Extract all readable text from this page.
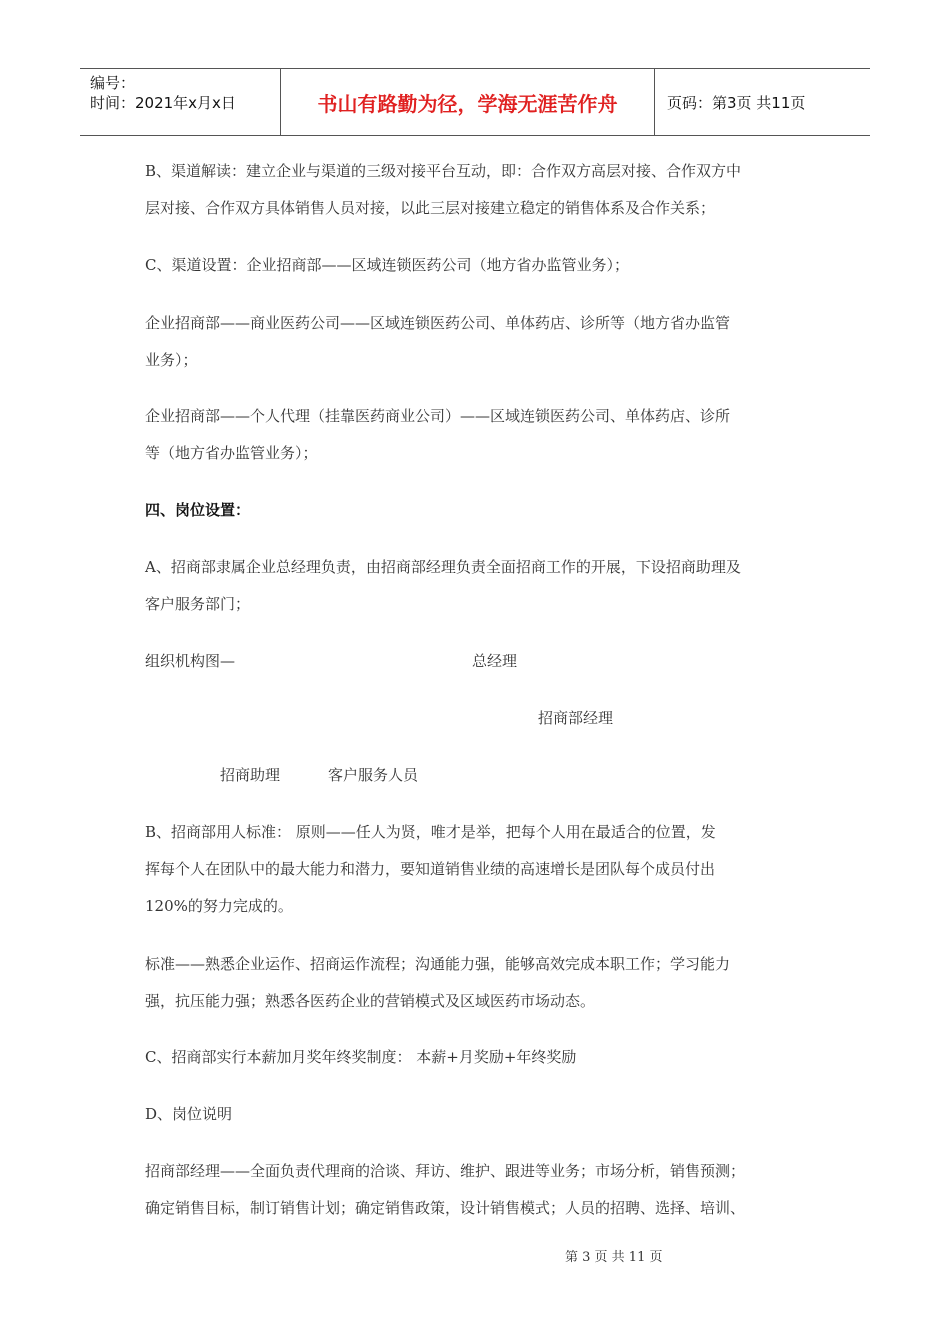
编号：
时间：2021年x月x日	书山有路勤为径，学海无涯苦作舟	页码：第3页 共11页
B、渠道解读：建立企业与渠道的三级对接平台互动，即：合作双方高层对接、合作双方中
层对接、合作双方具体销售人员对接，以此三层对接建立稳定的销售体系及合作关系；
C、渠道设置：企业招商部——区域连锁医药公司（地方省办监管业务）；
企业招商部——商业医药公司——区域连锁医药公司、单体药店、诊所等（地方省办监管
业务）；
企业招商部——个人代理（挂靠医药商业公司）——区域连锁医药公司、单体药店、诊所
等（地方省办监管业务）；
四、岗位设置：
A、招商部隶属企业总经理负责，由招商部经理负责全面招商工作的开展，下设招商助理及
客户服务部门；
组织机构图—	总经理
招商部经理
招商助理	客户服务人员
B、招商部用人标准： 原则——任人为贤，唯才是举，把每个人用在最适合的位置，发
挥每个人在团队中的最大能力和潜力，要知道销售业绩的高速增长是团队每个成员付出
120%的努力完成的。
标准——熟悉企业运作、招商运作流程；沟通能力强，能够高效完成本职工作；学习能力
强，抗压能力强；熟悉各医药企业的营销模式及区域医药市场动态。
C、招商部实行本薪加月奖年终奖制度： 本薪+月奖励+年终奖励
D、岗位说明
招商部经理——全面负责代理商的洽谈、拜访、维护、跟进等业务；市场分析，销售预测；
确定销售目标，制订销售计划；确定销售政策，设计销售模式；人员的招聘、选择、培训、
第 3 页 共 11 页
